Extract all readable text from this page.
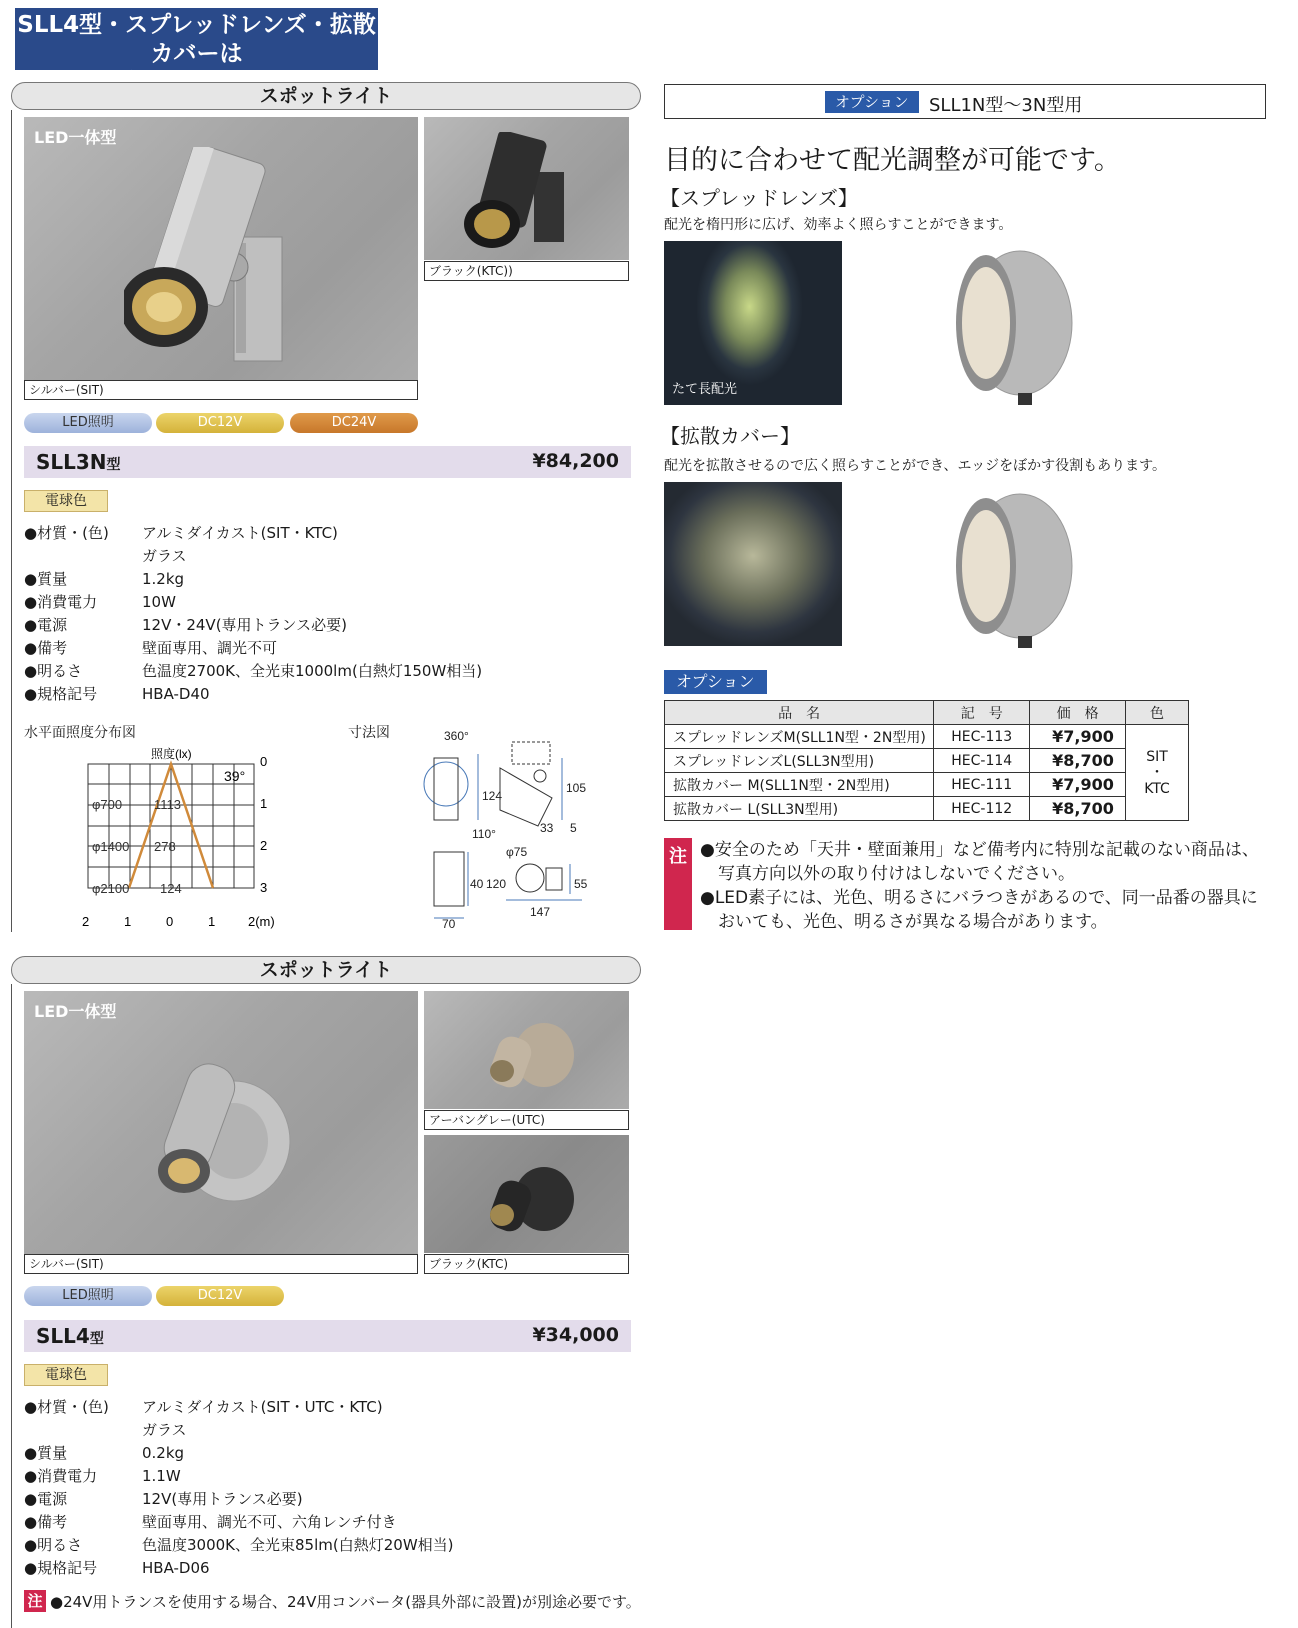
SLL4型・スプレッドレンズ・拡散カバーは
スポットライト
LED一体型
シルバー(SIT)
ブラック(KTC))
LED照明	DC12V	DC24V
SLL3N型	¥84,200
電球色
●材質・(色)	アルミダイカスト(SIT・KTC)
ガラス
●質量	1.2kg
●消費電力	10W
●電源	12V・24V(専用トランス必要)
●備考	壁面専用、調光不可
●明るさ	色温度2700K、全光束1000lm(白熱灯150W相当)
●規格記号	HBA-D40
水平面照度分布図	寸法図
照度(lx)
39°
0
1
2
3
φ700 1113
φ1400 278
φ2100 124
2	1	0	1	2(m)
360°
124
105
110°	33 5
φ75
40 120	55
70
147
スポットライト
LED一体型
シルバー(SIT)
アーバングレー(UTC)
ブラック(KTC)
LED照明	DC12V
SLL4型	¥34,000
電球色
●材質・(色)	アルミダイカスト(SIT・UTC・KTC)
ガラス
●質量	0.2kg
●消費電力	1.1W
●電源	12V(専用トランス必要)
●備考	壁面専用、調光不可、六角レンチ付き
●明るさ	色温度3000K、全光束85lm(白熱灯20W相当)
●規格記号	HBA-D06
注 ●24V用トランスを使用する場合、24V用コンバータ(器具外部に設置)が別途必要です。
オプション	SLL1N型〜3N型用
目的に合わせて配光調整が可能です。
【スプレッドレンズ】
配光を楕円形に広げ、効率よく照らすことができます。
たて長配光
【拡散カバー】
配光を拡散させるので広く照らすことができ、エッジをぼかす役割もあります。
オプション
品　名	記　号	価　格	色
スプレッドレンズM(SLL1N型・2N型用)	HEC-113	¥7,900	SIT
・
KTC

スプレッドレンズL(SLL3N型用)	HEC-114	¥8,700	
拡散カバー M(SLL1N型・2N型用)	HEC-111	¥7,900	
拡散カバー L(SLL3N型用)	HEC-112	¥8,700	
注 ●安全のため「天井・壁面兼用」など備考内に特別な記載のない商品は、
写真方向以外の取り付けはしないでください。
●LED素子には、光色、明るさにバラつきがあるので、同一品番の器具に
おいても、光色、明るさが異なる場合があります。
